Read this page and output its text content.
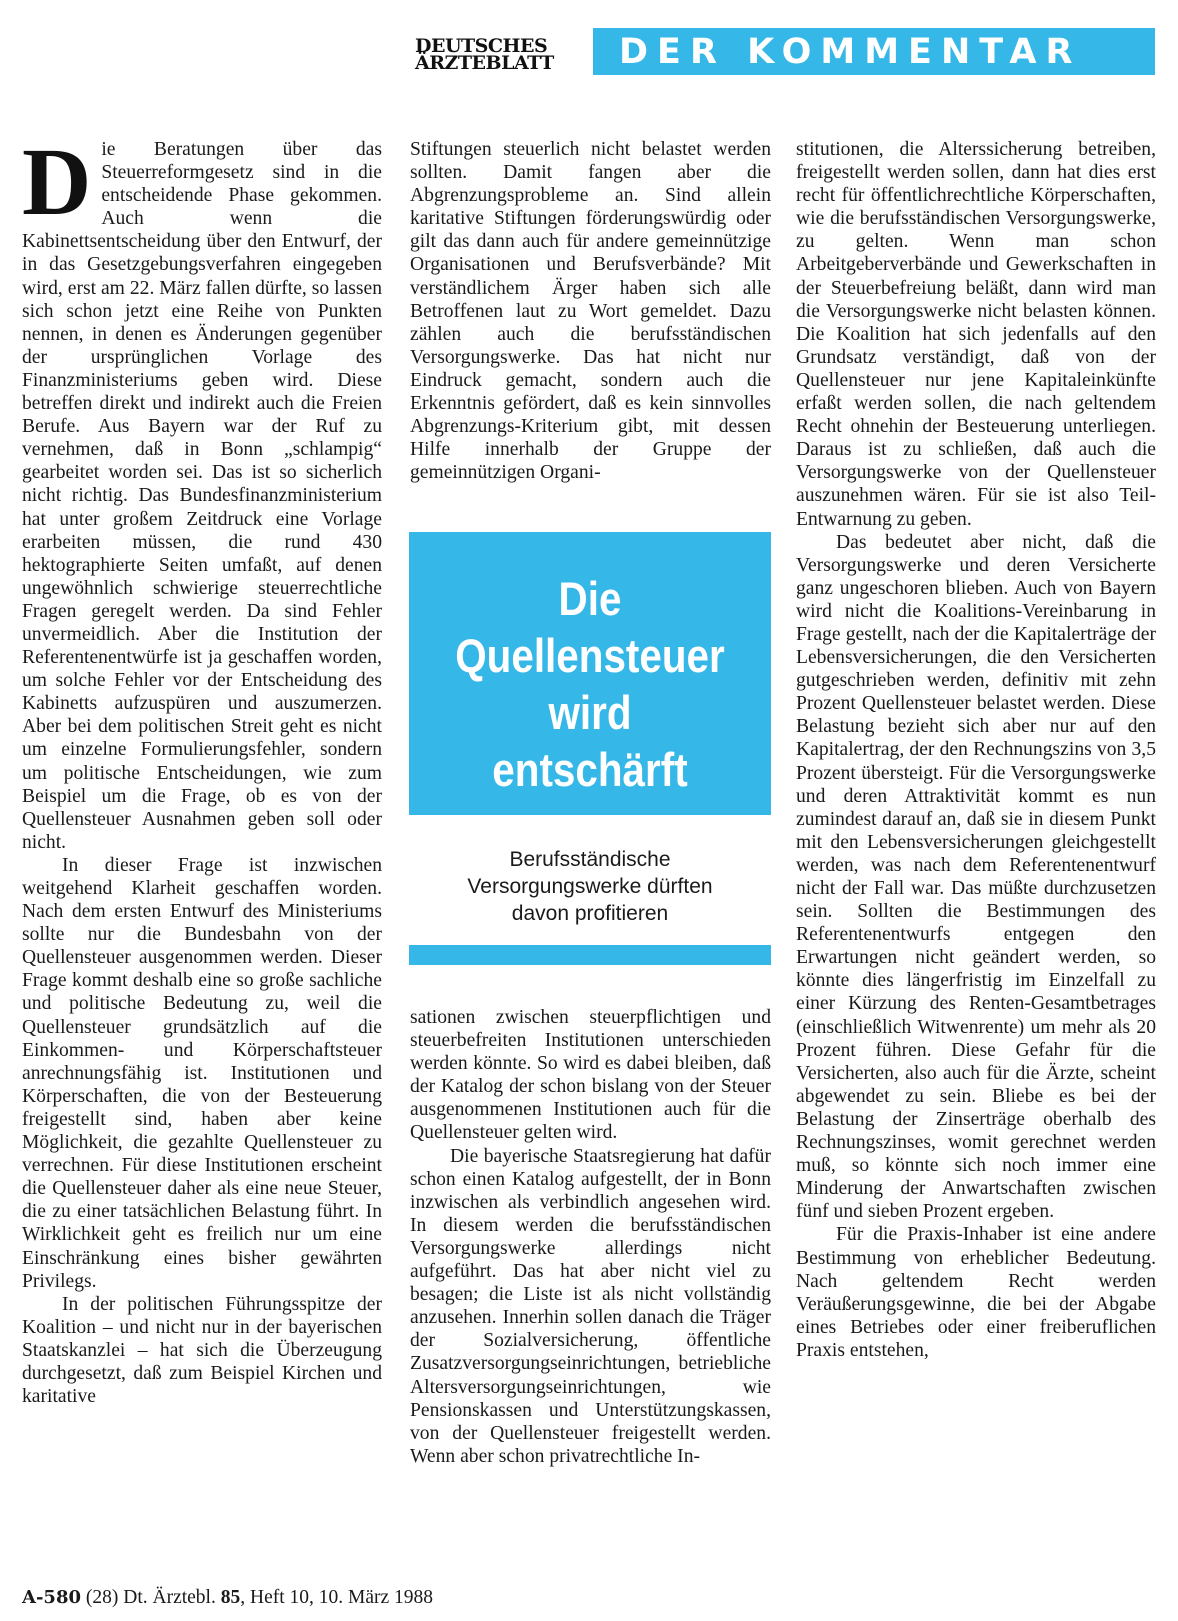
DEUTSCHES
ÄRZTEBLATT	DER KOMMENTAR

Die Beratungen über das Steuerreformgesetz sind in die entscheidende Phase gekommen. Auch wenn die Kabinettsentscheidung über den Entwurf, der in das Gesetzgebungsverfahren eingegeben wird, erst am 22. März fallen dürfte, so lassen sich schon jetzt eine Reihe von Punkten nennen, in denen es Änderungen gegenüber der ursprünglichen Vorlage des Finanzministeriums geben wird. Diese betreffen direkt und indirekt auch die Freien Berufe. Aus Bayern war der Ruf zu vernehmen, daß in Bonn „schlampig“ gearbeitet worden sei. Das ist so sicherlich nicht richtig. Das Bundesfinanzministerium hat unter großem Zeitdruck eine Vorlage erarbeiten müssen, die rund 430 hektographierte Seiten umfaßt, auf denen ungewöhnlich schwierige steuerrechtliche Fragen geregelt werden. Da sind Fehler unvermeidlich. Aber die Institution der Referentenentwürfe ist ja geschaffen worden, um solche Fehler vor der Entscheidung des Kabinetts aufzuspüren und auszumerzen. Aber bei dem politischen Streit geht es nicht um einzelne Formulierungsfehler, sondern um politische Entscheidungen, wie zum Beispiel um die Frage, ob es von der Quellensteuer Ausnahmen geben soll oder nicht.

In dieser Frage ist inzwischen weitgehend Klarheit geschaffen worden. Nach dem ersten Entwurf des Ministeriums sollte nur die Bundesbahn von der Quellensteuer ausgenommen werden. Dieser Frage kommt deshalb eine so große sachliche und politische Bedeutung zu, weil die Quellensteuer grundsätzlich auf die Einkommen- und Körperschaftsteuer anrechnungsfähig ist. Institutionen und Körperschaften, die von der Besteuerung freigestellt sind, haben aber keine Möglichkeit, die gezahlte Quellensteuer zu verrechnen. Für diese Institutionen erscheint die Quellensteuer daher als eine neue Steuer, die zu einer tatsächlichen Belastung führt. In Wirklichkeit geht es freilich nur um eine Einschränkung eines bisher gewährten Privilegs.

In der politischen Führungsspitze der Koalition – und nicht nur in der bayerischen Staatskanzlei – hat sich die Überzeugung durchgesetzt, daß zum Beispiel Kirchen und karitative

Stiftungen steuerlich nicht belastet werden sollten. Damit fangen aber die Abgrenzungsprobleme an. Sind allein karitative Stiftungen förderungswürdig oder gilt das dann auch für andere gemeinnützige Organisationen und Berufsverbände? Mit verständlichem Ärger haben sich alle Betroffenen laut zu Wort gemeldet. Dazu zählen auch die berufsständischen Versorgungswerke. Das hat nicht nur Eindruck gemacht, sondern auch die Erkenntnis gefördert, daß es kein sinnvolles Abgrenzungs-Kriterium gibt, mit dessen Hilfe innerhalb der Gruppe der gemeinnützigen Organi-

Die
Quellensteuer
wird
entschärft
Berufsständische
Versorgungswerke dürften
davon profitieren

sationen zwischen steuerpflichtigen und steuerbefreiten Institutionen unterschieden werden könnte. So wird es dabei bleiben, daß der Katalog der schon bislang von der Steuer ausgenommenen Institutionen auch für die Quellensteuer gelten wird.

Die bayerische Staatsregierung hat dafür schon einen Katalog aufgestellt, der in Bonn inzwischen als verbindlich angesehen wird. In diesem werden die berufsständischen Versorgungswerke allerdings nicht aufgeführt. Das hat aber nicht viel zu besagen; die Liste ist als nicht vollständig anzusehen. Innerhin sollen danach die Träger der Sozialversicherung, öffentliche Zusatzversorgungseinrichtungen, betriebliche Altersversorgungseinrichtungen, wie Pensionskassen und Unterstützungskassen, von der Quellensteuer freigestellt werden. Wenn aber schon privatrechtliche In-

stitutionen, die Alterssicherung betreiben, freigestellt werden sollen, dann hat dies erst recht für öffentlichrechtliche Körperschaften, wie die berufsständischen Versorgungswerke, zu gelten. Wenn man schon Arbeitgeberverbände und Gewerkschaften in der Steuerbefreiung beläßt, dann wird man die Versorgungswerke nicht belasten können. Die Koalition hat sich jedenfalls auf den Grundsatz verständigt, daß von der Quellensteuer nur jene Kapitaleinkünfte erfaßt werden sollen, die nach geltendem Recht ohnehin der Besteuerung unterliegen. Daraus ist zu schließen, daß auch die Versorgungswerke von der Quellensteuer auszunehmen wären. Für sie ist also Teil-Entwarnung zu geben.

Das bedeutet aber nicht, daß die Versorgungswerke und deren Versicherte ganz ungeschoren blieben. Auch von Bayern wird nicht die Koalitions-Vereinbarung in Frage gestellt, nach der die Kapitalerträge der Lebensversicherungen, die den Versicherten gutgeschrieben werden, definitiv mit zehn Prozent Quellensteuer belastet werden. Diese Belastung bezieht sich aber nur auf den Kapitalertrag, der den Rechnungszins von 3,5 Prozent übersteigt. Für die Versorgungswerke und deren Attraktivität kommt es nun zumindest darauf an, daß sie in diesem Punkt mit den Lebensversicherungen gleichgestellt werden, was nach dem Referentenentwurf nicht der Fall war. Das müßte durchzusetzen sein. Sollten die Bestimmungen des Referentenentwurfs entgegen den Erwartungen nicht geändert werden, so könnte dies längerfristig im Einzelfall zu einer Kürzung des Renten-Gesamtbetrages (einschließlich Witwenrente) um mehr als 20 Prozent führen. Diese Gefahr für die Versicherten, also auch für die Ärzte, scheint abgewendet zu sein. Bliebe es bei der Belastung der Zinserträge oberhalb des Rechnungszinses, womit gerechnet werden muß, so könnte sich noch immer eine Minderung der Anwartschaften zwischen fünf und sieben Prozent ergeben.

Für die Praxis-Inhaber ist eine andere Bestimmung von erheblicher Bedeutung. Nach geltendem Recht werden Veräußerungsgewinne, die bei der Abgabe eines Betriebes oder einer freiberuflichen Praxis entstehen,

A-580 (28) Dt. Ärztebl. 85, Heft 10, 10. März 1988
